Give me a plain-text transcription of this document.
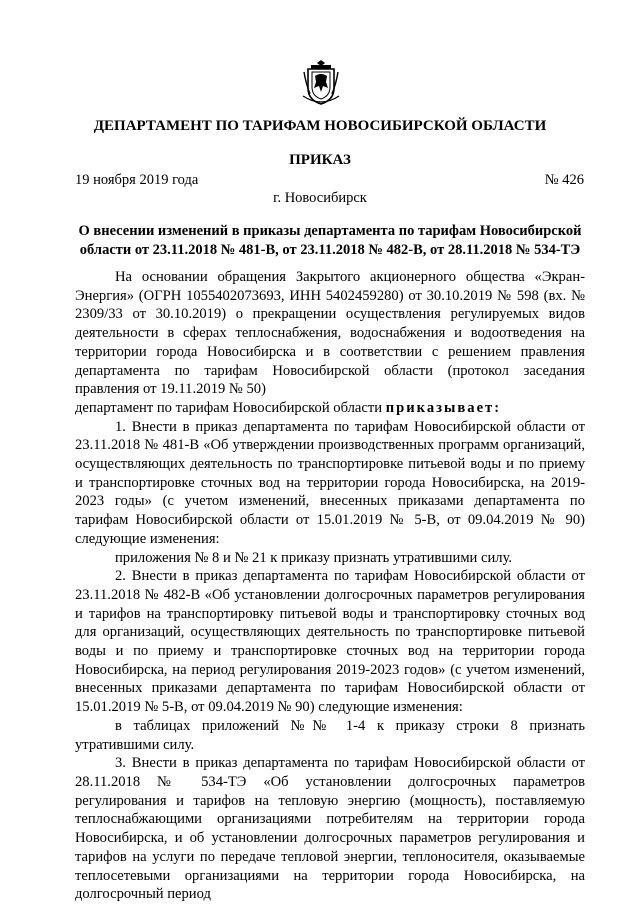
ДЕПАРТАМЕНТ ПО ТАРИФАМ НОВОСИБИРСКОЙ ОБЛАСТИ
ПРИКАЗ
19 ноября 2019 года	№ 426
г. Новосибирск
О внесении изменений в приказы департамента по тарифам Новосибирской области от 23.11.2018 № 481-В, от 23.11.2018 № 482-В, от 28.11.2018 № 534-ТЭ

На основании обращения Закрытого акционерного общества «Экран-Энергия» (ОГРН 1055402073693, ИНН 5402459280) от 30.10.2019 № 598 (вх. № 2309/33 от 30.10.2019) о прекращении осуществления регулируемых видов деятельности в сферах теплоснабжения, водоснабжения и водоотведения на территории города Новосибирска и в соответствии с решением правления департамента по тарифам Новосибирской области (протокол заседания правления от 19.11.2019 № 50)

департамент по тарифам Новосибирской области приказывает:

1. Внести в приказ департамента по тарифам Новосибирской области от 23.11.2018 № 481-В «Об утверждении производственных программ организаций, осуществляющих деятельность по транспортировке питьевой воды и по приему и транспортировке сточных вод на территории города Новосибирска, на 2019-2023 годы» (с учетом изменений, внесенных приказами департамента по тарифам Новосибирской области от 15.01.2019 № 5-В, от 09.04.2019 № 90) следующие изменения:

приложения № 8 и № 21 к приказу признать утратившими силу.

2. Внести в приказ департамента по тарифам Новосибирской области от 23.11.2018 № 482-В «Об установлении долгосрочных параметров регулирования и тарифов на транспортировку питьевой воды и транспортировку сточных вод для организаций, осуществляющих деятельность по транспортировке питьевой воды и по приему и транспортировке сточных вод на территории города Новосибирска, на период регулирования 2019-2023 годов» (с учетом изменений, внесенных приказами департамента по тарифам Новосибирской области от 15.01.2019 № 5-В, от 09.04.2019 № 90) следующие изменения:

в таблицах приложений №№ 1-4 к приказу строки 8 признать утратившими силу.

3. Внести в приказ департамента по тарифам Новосибирской области от 28.11.2018 № 534-ТЭ «Об установлении долгосрочных параметров регулирования и тарифов на тепловую энергию (мощность), поставляемую теплоснабжающими организациями потребителям на территории города Новосибирска, и об установлении долгосрочных параметров регулирования и тарифов на услуги по передаче тепловой энергии, теплоносителя, оказываемые теплосетевыми организациями на территории города Новосибирска, на долгосрочный период
